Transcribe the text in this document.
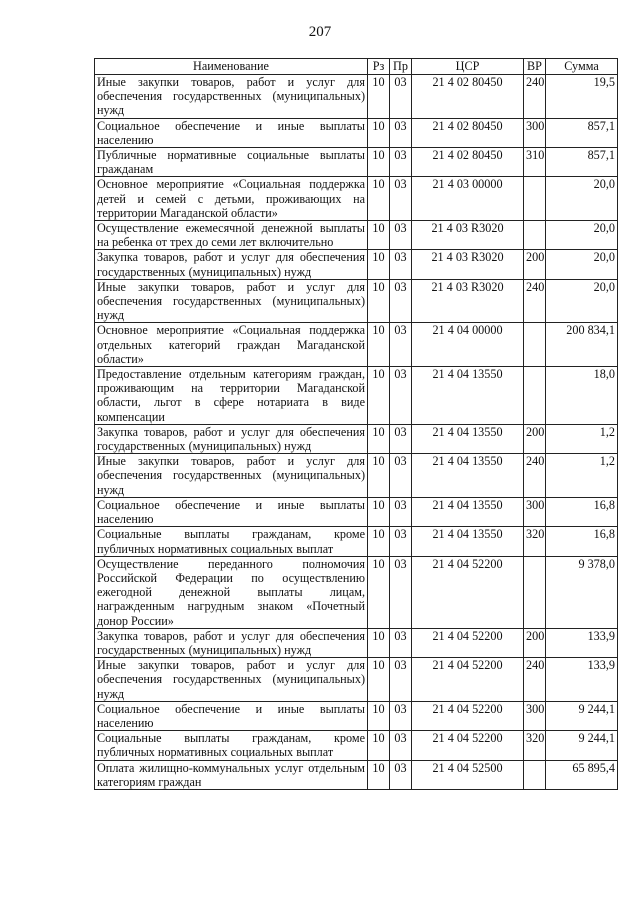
207
Наименование	Рз	Пр	ЦСР	ВР	Сумма
Иные закупки товаров, работ и услуг для обеспечения государственных (муниципальных) нужд	10	03	21 4 02 80450	240	19,5
Социальное обеспечение и иные выплаты населению	10	03	21 4 02 80450	300	857,1
Публичные нормативные социальные выплаты гражданам	10	03	21 4 02 80450	310	857,1
Основное мероприятие «Социальная поддержка детей и семей с детьми, проживающих на территории Магаданской области»	10	03	21 4 03 00000		20,0
Осуществление ежемесячной денежной выплаты на ребенка от трех до семи лет включительно	10	03	21 4 03 R3020		20,0
Закупка товаров, работ и услуг для обеспечения государственных (муниципальных) нужд	10	03	21 4 03 R3020	200	20,0
Иные закупки товаров, работ и услуг для обеспечения государственных (муниципальных) нужд	10	03	21 4 03 R3020	240	20,0
Основное мероприятие «Социальная поддержка отдельных категорий граждан Магаданской области»	10	03	21 4 04 00000		200 834,1
Предоставление отдельным категориям граждан, проживающим на территории Магаданской области, льгот в сфере нотариата в виде компенсации	10	03	21 4 04 13550		18,0
Закупка товаров, работ и услуг для обеспечения государственных (муниципальных) нужд	10	03	21 4 04 13550	200	1,2
Иные закупки товаров, работ и услуг для обеспечения государственных (муниципальных) нужд	10	03	21 4 04 13550	240	1,2
Социальное обеспечение и иные выплаты населению	10	03	21 4 04 13550	300	16,8
Социальные выплаты гражданам, кроме публичных нормативных социальных выплат	10	03	21 4 04 13550	320	16,8
Осуществление переданного полномочия Российской Федерации по осуществлению ежегодной денежной выплаты лицам, награжденным нагрудным знаком «Почетный донор России»	10	03	21 4 04 52200		9 378,0
Закупка товаров, работ и услуг для обеспечения государственных (муниципальных) нужд	10	03	21 4 04 52200	200	133,9
Иные закупки товаров, работ и услуг для обеспечения государственных (муниципальных) нужд	10	03	21 4 04 52200	240	133,9
Социальное обеспечение и иные выплаты населению	10	03	21 4 04 52200	300	9 244,1
Социальные выплаты гражданам, кроме публичных нормативных социальных выплат	10	03	21 4 04 52200	320	9 244,1
Оплата жилищно-коммунальных услуг отдельным категориям граждан	10	03	21 4 04 52500		65 895,4
